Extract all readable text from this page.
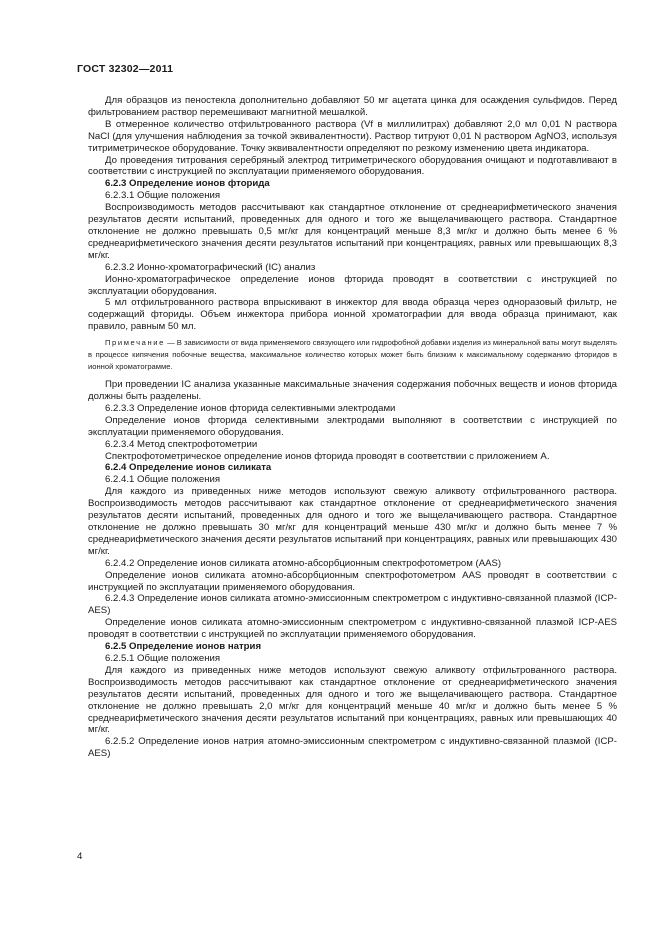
ГОСТ 32302—2011

Для образцов из пеностекла дополнительно добавляют 50 мг ацетата цинка для осаждения сульфидов. Перед фильтрованием раствор перемешивают магнитной мешалкой.

В отмеренное количество отфильтрованного раствора (Vf в миллилитрах) добавляют 2,0 мл 0,01 N раствора NaCl (для улучшения наблюдения за точкой эквивалентности). Раствор титруют 0,01 N раствором AgNO3, используя титриметрическое оборудование. Точку эквивалентности определяют по резкому изменению цвета индикатора.

До проведения титрования серебряный электрод титриметрического оборудования очищают и подготавливают в соответствии с инструкцией по эксплуатации применяемого оборудования.

6.2.3 Определение ионов фторида

6.2.3.1 Общие положения

Воспроизводимость методов рассчитывают как стандартное отклонение от среднеарифметического значения результатов десяти испытаний, проведенных для одного и того же выщелачивающего раствора. Стандартное отклонение не должно превышать 0,5 мг/кг для концентраций меньше 8,3 мг/кг и должно быть менее 6 % среднеарифметического значения десяти результатов испытаний при концентрациях, равных или превышающих 8,3 мг/кг.

6.2.3.2 Ионно-хроматографический (IC) анализ

Ионно-хроматографическое определение ионов фторида проводят в соответствии с инструкцией по эксплуатации оборудования.

5 мл отфильтрованного раствора впрыскивают в инжектор для ввода образца через одноразовый фильтр, не содержащий фториды. Объем инжектора прибора ионной хроматографии для ввода образца принимают, как правило, равным 50 мл.

Примечание — В зависимости от вида применяемого связующего или гидрофобной добавки изделия из минеральной ваты могут выделять в процессе кипячения побочные вещества, максимальное количество которых может быть близким к максимальному содержанию фторидов в ионной хроматограмме.

При проведении IC анализа указанные максимальные значения содержания побочных веществ и ионов фторида должны быть разделены.

6.2.3.3 Определение ионов фторида селективными электродами

Определение ионов фторида селективными электродами выполняют в соответствии с инструкцией по эксплуатации применяемого оборудования.

6.2.3.4 Метод спектрофотометрии

Спектрофотометрическое определение ионов фторида проводят в соответствии с приложением А.

6.2.4 Определение ионов силиката

6.2.4.1 Общие положения

Для каждого из приведенных ниже методов используют свежую аликвоту отфильтрованного раствора. Воспроизводимость методов рассчитывают как стандартное отклонение от среднеарифметического значения результатов десяти испытаний, проведенных для одного и того же выщелачивающего раствора. Стандартное отклонение не должно превышать 30 мг/кг для концентраций меньше 430 мг/кг и должно быть менее 7 % среднеарифметического значения десяти результатов испытаний при концентрациях, равных или превышающих 430 мг/кг.

6.2.4.2 Определение ионов силиката атомно-абсорбционным спектрофотометром (AAS)

Определение ионов силиката атомно-абсорбционным спектрофотометром AAS проводят в соответствии с инструкцией по эксплуатации применяемого оборудования.

6.2.4.3 Определение ионов силиката атомно-эмиссионным спектрометром с индуктивно-связанной плазмой (ICP-AES)

Определение ионов силиката атомно-эмиссионным спектрометром с индуктивно-связанной плазмой ICP-AES проводят в соответствии с инструкцией по эксплуатации применяемого оборудования.

6.2.5 Определение ионов натрия

6.2.5.1 Общие положения

Для каждого из приведенных ниже методов используют свежую аликвоту отфильтрованного раствора. Воспроизводимость методов рассчитывают как стандартное отклонение от среднеарифметического значения результатов десяти испытаний, проведенных для одного и того же выщелачивающего раствора. Стандартное отклонение не должно превышать 2,0 мг/кг для концентраций меньше 40 мг/кг и должно быть менее 5 % среднеарифметического значения десяти результатов испытаний при концентрациях, равных или превышающих 40 мг/кг.

6.2.5.2 Определение ионов натрия атомно-эмиссионным спектрометром с индуктивно-связанной плазмой (ICP-AES)

4
